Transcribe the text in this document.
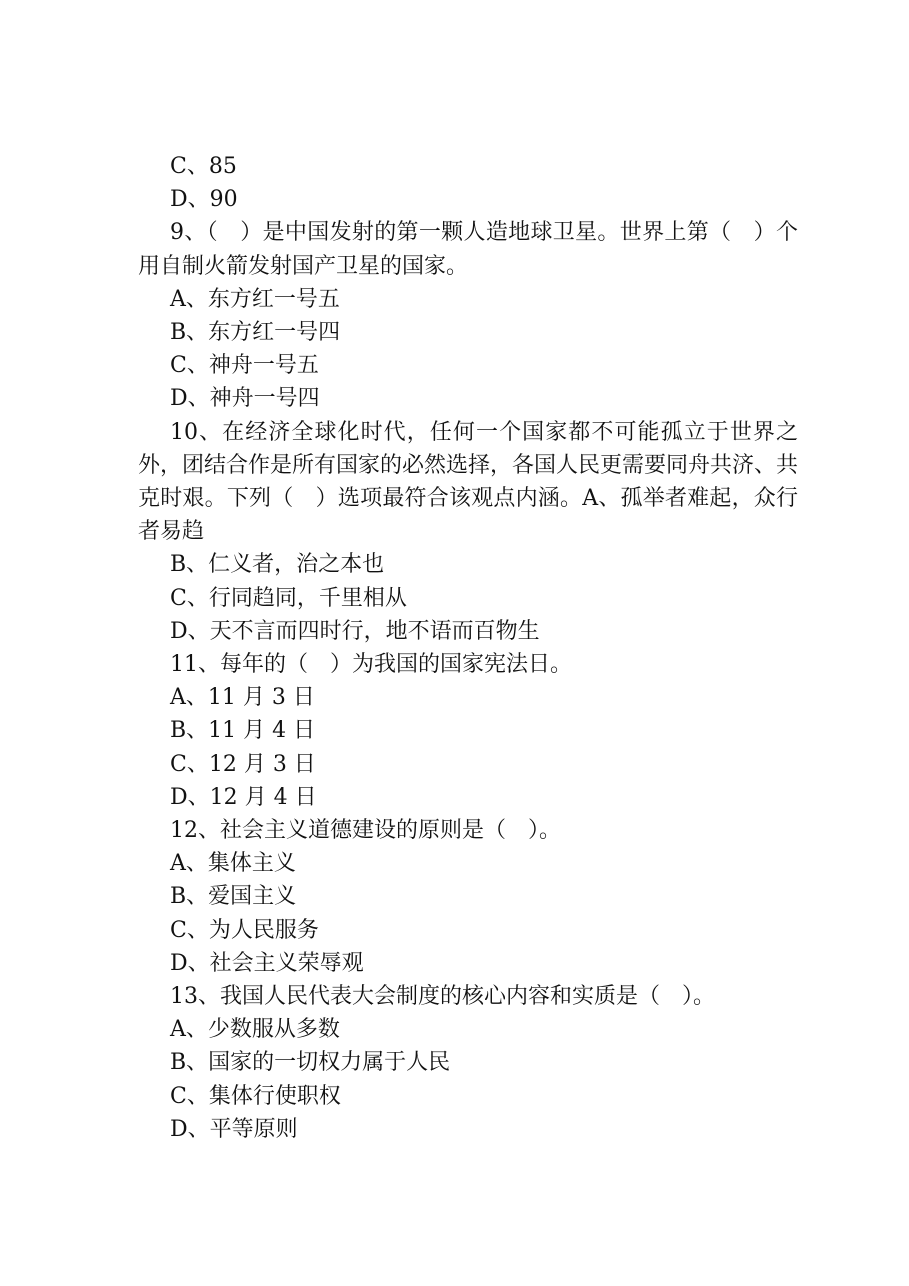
C、85

D、90

9、（　）是中国发射的第一颗人造地球卫星。世界上第（　）个用自制火箭发射国产卫星的国家。

A、东方红一号五

B、东方红一号四

C、神舟一号五

D、神舟一号四

10、在经济全球化时代，任何一个国家都不可能孤立于世界之外，团结合作是所有国家的必然选择，各国人民更需要同舟共济、共克时艰。下列（　）选项最符合该观点内涵。A、孤举者难起，众行者易趋

B、仁义者，治之本也

C、行同趋同，千里相从

D、天不言而四时行，地不语而百物生

11、每年的（　）为我国的国家宪法日。

A、11 月 3 日

B、11 月 4 日

C、12 月 3 日

D、12 月 4 日

12、社会主义道德建设的原则是（　）。

A、集体主义

B、爱国主义

C、为人民服务

D、社会主义荣辱观

13、我国人民代表大会制度的核心内容和实质是（　）。

A、少数服从多数

B、国家的一切权力属于人民

C、集体行使职权

D、平等原则
